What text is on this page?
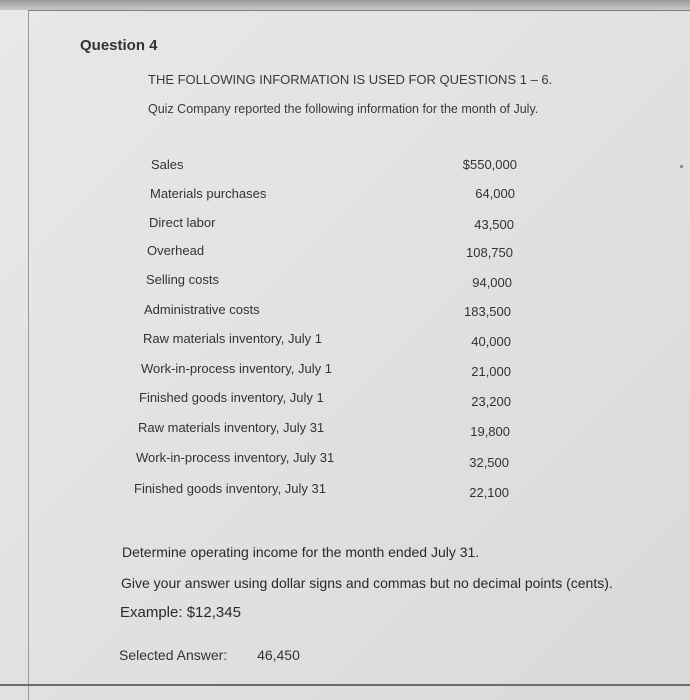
Question 4
THE FOLLOWING INFORMATION IS USED FOR QUESTIONS 1 – 6.
Quiz Company reported the following information for the month of July.
Sales	$550,000
Materials purchases	64,000
Direct labor	43,500
Overhead	108,750
Selling costs	94,000
Administrative costs	183,500
Raw materials inventory, July 1	40,000
Work-in-process inventory, July 1	21,000
Finished goods inventory, July 1	23,200
Raw materials inventory, July 31	19,800
Work-in-process inventory, July 31	32,500
Finished goods inventory, July 31	22,100
Determine operating income for the month ended July 31.
Give your answer using dollar signs and commas but no decimal points (cents).
Example: $12,345
Selected Answer: 46,450
